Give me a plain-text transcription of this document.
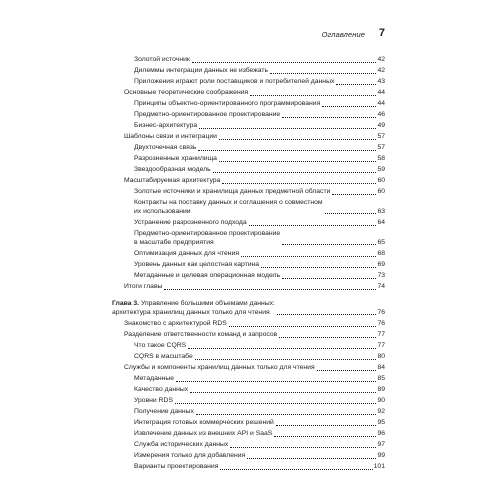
Оглавление 7
Золотой источник	42
Дилеммы интеграции данных не избежать	42
Приложения играют роли поставщиков и потребителей данных	43
Основные теоретические соображения	44
Принципы объектно-ориентированного программирования	44
Предметно-ориентированное проектирование	46
Бизнес-архитектура	49
Шаблоны связи и интеграции	57
Двухточечная связь	57
Разрозненные хранилища	58
Звездообразная модель	59
Масштабируемая архитектура	60
Золотые источники и хранилища данных предметной области	60
Контракты на поставку данных и соглашения о совместном
их использовании	63
Устранение разрозненного подхода	64
Предметно-ориентированное проектирование
в масштабе предприятия	65
Оптимизация данных для чтения	68
Уровень данных как целостная картина	69
Метаданные и целевая операционная модель	73
Итоги главы	74
Глава 3. Управление большими объемами данных:
архитектура хранилищ данных только для чтения	76
Знакомство с архитектурой RDS	76
Разделение ответственности команд и запросов	77
Что такое CQRS	77
CQRS в масштабе	80
Службы и компоненты хранилищ данных только для чтения	84
Метаданные	85
Качество данных	89
Уровни RDS	90
Получение данных	92
Интеграция готовых коммерческих решений	95
Извлечение данных из внешних API и SaaS	96
Служба исторических данных	97
Измерения только для добавления	99
Варианты проектирования	101
